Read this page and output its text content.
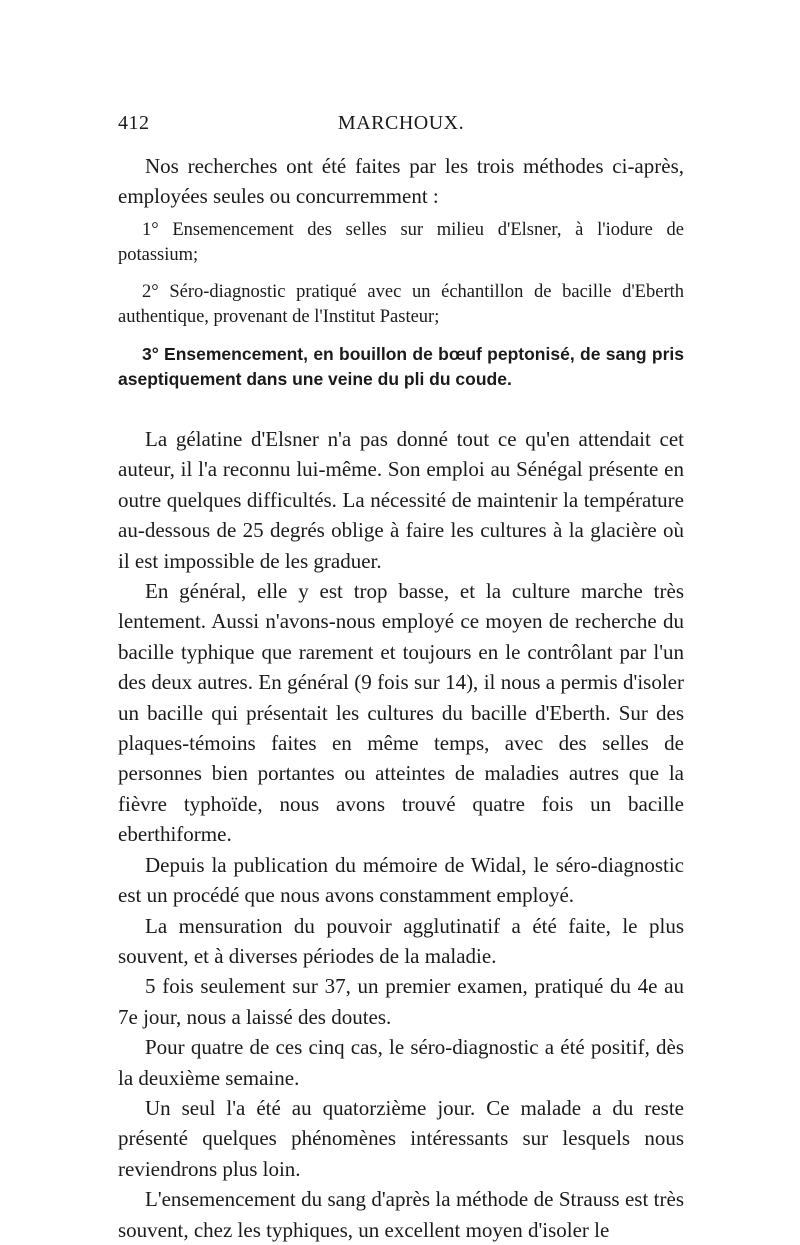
412	MARCHOUX.

Nos recherches ont été faites par les trois méthodes ci-après, employées seules ou concurremment :

1° Ensemencement des selles sur milieu d'Elsner, à l'iodure de potassium;

2° Séro-diagnostic pratiqué avec un échantillon de bacille d'Eberth authentique, provenant de l'Institut Pasteur;

3° Ensemencement, en bouillon de bœuf peptonisé, de sang pris aseptiquement dans une veine du pli du coude.

La gélatine d'Elsner n'a pas donné tout ce qu'en attendait cet auteur, il l'a reconnu lui-même. Son emploi au Sénégal présente en outre quelques difficultés. La nécessité de maintenir la température au-dessous de 25 degrés oblige à faire les cultures à la glacière où il est impossible de les graduer.

En général, elle y est trop basse, et la culture marche très lentement. Aussi n'avons-nous employé ce moyen de recherche du bacille typhique que rarement et toujours en le contrôlant par l'un des deux autres. En général (9 fois sur 14), il nous a permis d'isoler un bacille qui présentait les cultures du bacille d'Eberth. Sur des plaques-témoins faites en même temps, avec des selles de personnes bien portantes ou atteintes de maladies autres que la fièvre typhoïde, nous avons trouvé quatre fois un bacille eberthiforme.

Depuis la publication du mémoire de Widal, le séro-diagnostic est un procédé que nous avons constamment employé.

La mensuration du pouvoir agglutinatif a été faite, le plus souvent, et à diverses périodes de la maladie.

5 fois seulement sur 37, un premier examen, pratiqué du 4e au 7e jour, nous a laissé des doutes.

Pour quatre de ces cinq cas, le séro-diagnostic a été positif, dès la deuxième semaine.

Un seul l'a été au quatorzième jour. Ce malade a du reste présenté quelques phénomènes intéressants sur lesquels nous reviendrons plus loin.

L'ensemencement du sang d'après la méthode de Strauss est très souvent, chez les typhiques, un excellent moyen d'isoler le
